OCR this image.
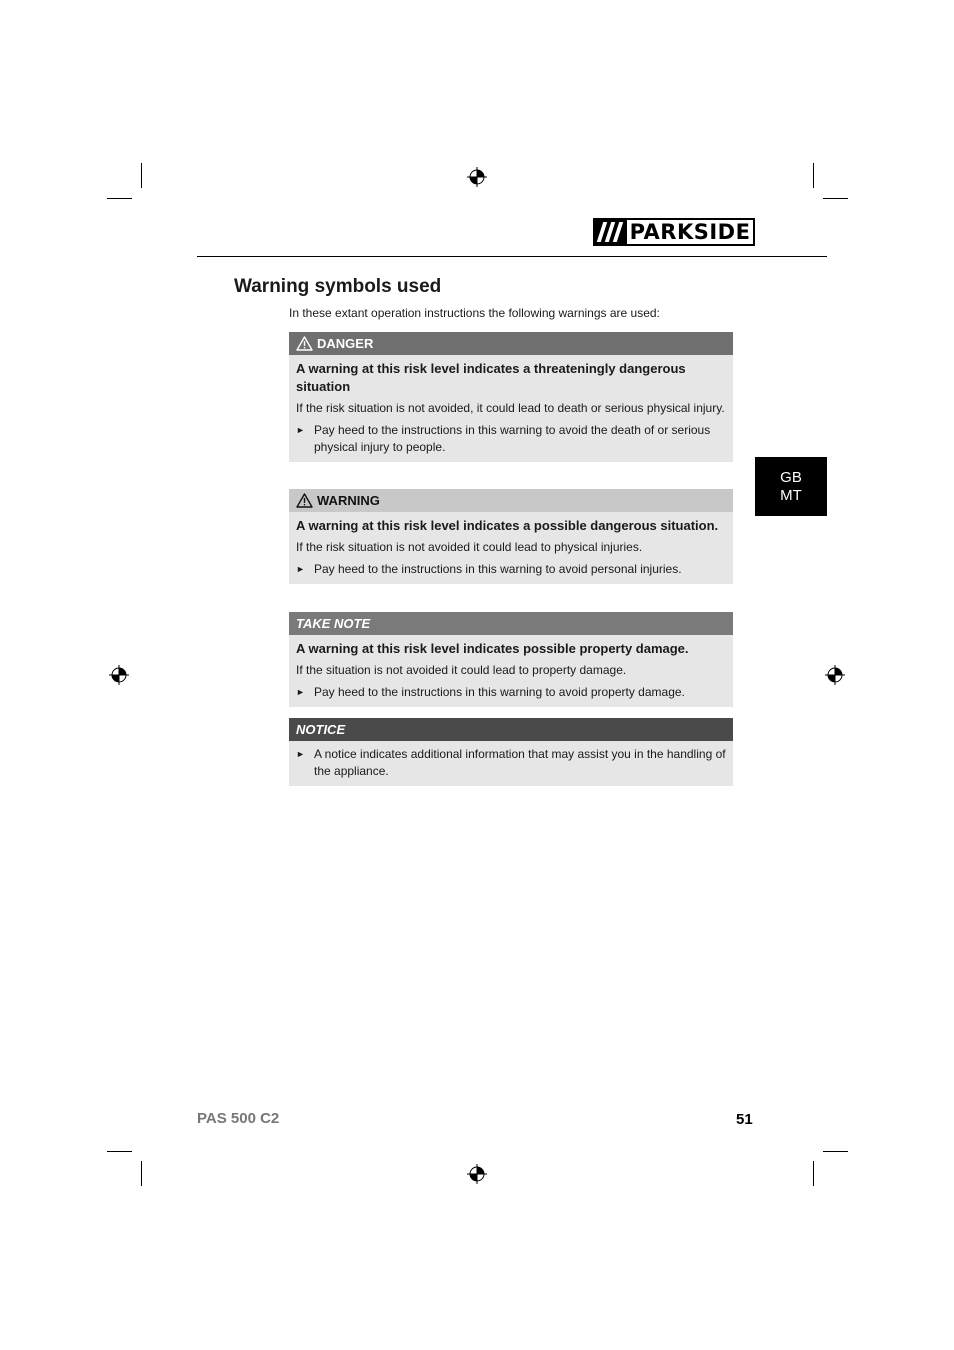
PARKSIDE
Warning symbols used

In these extant operation instructions the following warnings are used:

DANGER

A warning at this risk level indicates a threateningly dangerous situation

If the risk situation is not avoided, it could lead to death or serious physical injury.

► Pay heed to the instructions in this warning to avoid the death of or serious physical injury to people.
WARNING

A warning at this risk level indicates a possible dangerous situation.

If the risk situation is not avoided it could lead to physical injuries.

► Pay heed to the instructions in this warning to avoid personal injuries.
TAKE NOTE

A warning at this risk level indicates possible property damage.

If the situation is not avoided it could lead to property damage.

► Pay heed to the instructions in this warning to avoid property damage.
NOTICE
► A notice indicates additional information that may assist you in the handling of the appliance.
GB
MT
PAS 500 C2	51
